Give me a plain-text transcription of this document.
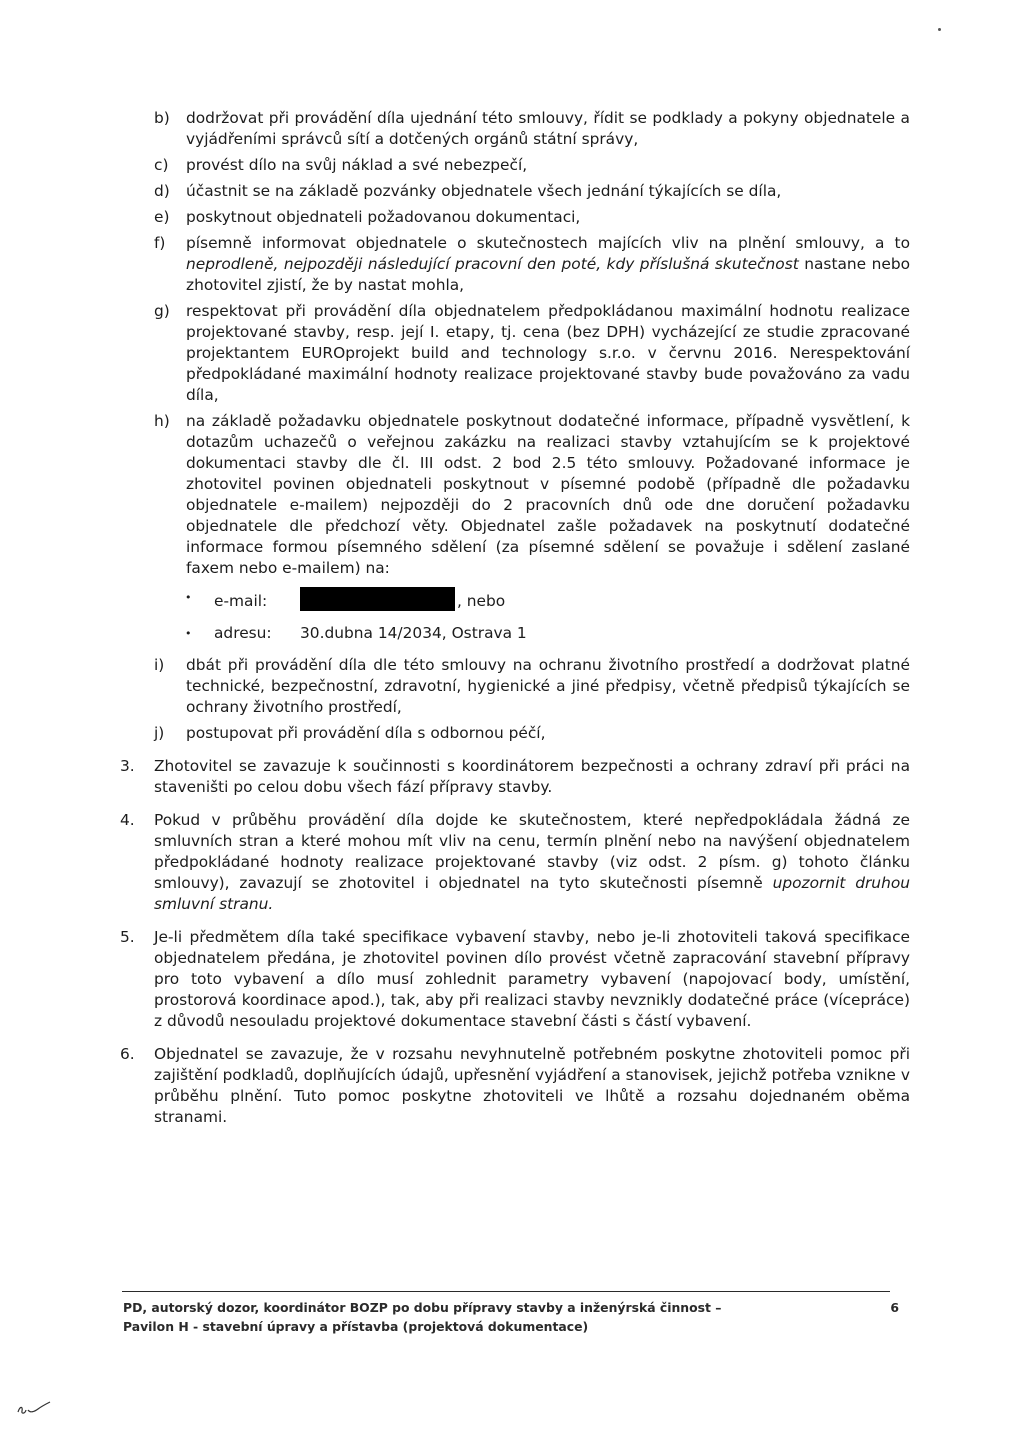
b) dodržovat při provádění díla ujednání této smlouvy, řídit se podklady a pokyny objednatele a vyjádřeními správců sítí a dotčených orgánů státní správy,
c) provést dílo na svůj náklad a své nebezpečí,
d) účastnit se na základě pozvánky objednatele všech jednání týkajících se díla,
e) poskytnout objednateli požadovanou dokumentaci,
f) písemně informovat objednatele o skutečnostech majících vliv na plnění smlouvy, a to neprodleně, nejpozději následující pracovní den poté, kdy příslušná skutečnost nastane nebo zhotovitel zjistí, že by nastat mohla,
g) respektovat při provádění díla objednatelem předpokládanou maximální hodnotu realizace projektované stavby, resp. její I. etapy, tj. cena (bez DPH) vycházející ze studie zpracované projektantem EUROprojekt build and technology s.r.o. v červnu 2016. Nerespektování předpokládané maximální hodnoty realizace projektované stavby bude považováno za vadu díla,
h) na základě požadavku objednatele poskytnout dodatečné informace, případně vysvětlení, k dotazům uchazečů o veřejnou zakázku na realizaci stavby vztahujícím se k projektové dokumentaci stavby dle čl. III odst. 2 bod 2.5 této smlouvy. Požadované informace je zhotovitel povinen objednateli poskytnout v písemné podobě (případně dle požadavku objednatele e-mailem) nejpozději do 2 pracovních dnů ode dne doručení požadavku objednatele dle předchozí věty. Objednatel zašle požadavek na poskytnutí dodatečné informace formou písemného sdělení (za písemné sdělení se považuje i sdělení zaslané faxem nebo e-mailem) na:
• e-mail:	, nebo
• adresu: 30.dubna 14/2034, Ostrava 1
i) dbát při provádění díla dle této smlouvy na ochranu životního prostředí a dodržovat platné technické, bezpečnostní, zdravotní, hygienické a jiné předpisy, včetně předpisů týkajících se ochrany životního prostředí,
j) postupovat při provádění díla s odbornou péčí,
3. Zhotovitel se zavazuje k součinnosti s koordinátorem bezpečnosti a ochrany zdraví při práci na staveništi po celou dobu všech fází přípravy stavby.
4. Pokud v průběhu provádění díla dojde ke skutečnostem, které nepředpokládala žádná ze smluvních stran a které mohou mít vliv na cenu, termín plnění nebo na navýšení objednatelem předpokládané hodnoty realizace projektované stavby (viz odst. 2 písm. g) tohoto článku smlouvy), zavazují se zhotovitel i objednatel na tyto skutečnosti písemně upozornit druhou smluvní stranu.
5. Je-li předmětem díla také specifikace vybavení stavby, nebo je-li zhotoviteli taková specifikace objednatelem předána, je zhotovitel povinen dílo provést včetně zapracování stavební přípravy pro toto vybavení a dílo musí zohlednit parametry vybavení (napojovací body, umístění, prostorová koordinace apod.), tak, aby při realizaci stavby nevznikly dodatečné práce (vícepráce) z důvodů nesouladu projektové dokumentace stavební části s částí vybavení.
6. Objednatel se zavazuje, že v rozsahu nevyhnutelně potřebném poskytne zhotoviteli pomoc při zajištění podkladů, doplňujících údajů, upřesnění vyjádření a stanovisek, jejichž potřeba vznikne v průběhu plnění. Tuto pomoc poskytne zhotoviteli ve lhůtě a rozsahu dojednaném oběma stranami.
PD, autorský dozor, koordinátor BOZP po dobu přípravy stavby a inženýrská činnost –
Pavilon H - stavební úpravy a přístavba (projektová dokumentace)
6
